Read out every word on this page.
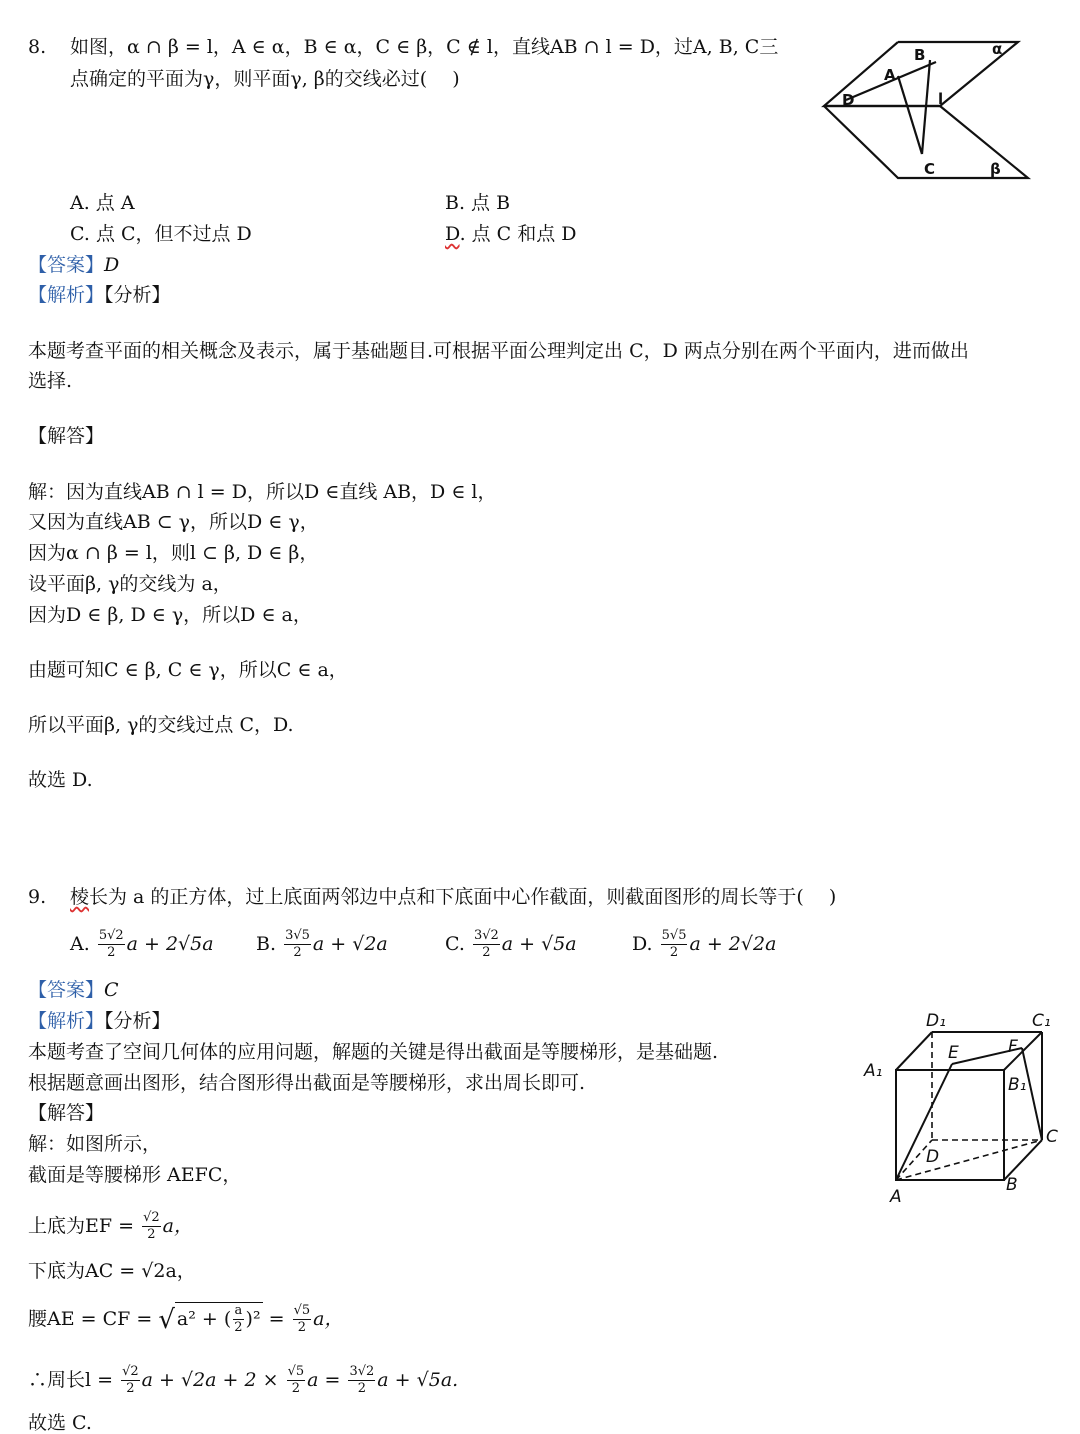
8. 如图，α ∩ β = l，A ∈ α，B ∈ α，C ∈ β，C ∉ l，直线AB ∩ l = D，过A, B, C三
点确定的平面为γ，则平面γ, β的交线必过(　 )
α
B
A
D	l
C	β
A. 点 A	B. 点 B
C. 点 C，但不过点 D	D. 点 C 和点 D
【答案】D
【解析】【分析】
本题考查平面的相关概念及表示，属于基础题目.可根据平面公理判定出 C，D 两点分别在两个平面内，进而做出
选择.
【解答】
解：因为直线AB ∩ l = D，所以D ∈直线 AB，D ∈ l，
又因为直线AB ⊂ γ，所以D ∈ γ，
因为α ∩ β = l，则l ⊂ β, D ∈ β，
设平面β, γ的交线为 a，
因为D ∈ β, D ∈ γ，所以D ∈ a，
由题可知C ∈ β, C ∈ γ，所以C ∈ a，
所以平面β, γ的交线过点 C，D.
故选 D.
9. 棱长为 a 的正方体，过上底面两邻边中点和下底面中心作截面，则截面图形的周长等于(　 )
A. $\frac{5√2}{2}$ a + 2√5a B. $\frac{3√5}{2}$ a + √2a	C. $\frac{3√2}{2}$ a + √5a	D. $\frac{5√5}{2}$ a + 2√2a
【答案】C
【解析】【分析】
本题考查了空间几何体的应用问题，解题的关键是得出截面是等腰梯形，是基础题.
根据题意画出图形，结合图形得出截面是等腰梯形，求出周长即可.
【解答】
解：如图所示，
截面是等腰梯形 AEFC，
D₁	C₁
A₁
E	F
B₁
C
D
A
B
上底为EF = $\frac{√2}{2}$ a，
下底为AC = √2a，
腰AE = CF = √ a² + ( $\frac{a}{2} )^2 = \frac{√5}{2}$ a，
∴周长$l = \frac{√2}{2}$ $a + √2a + 2 \times \frac{√5}{2}$ $a = \frac{3√2}{2}$ a + √5a.
故选 C.
